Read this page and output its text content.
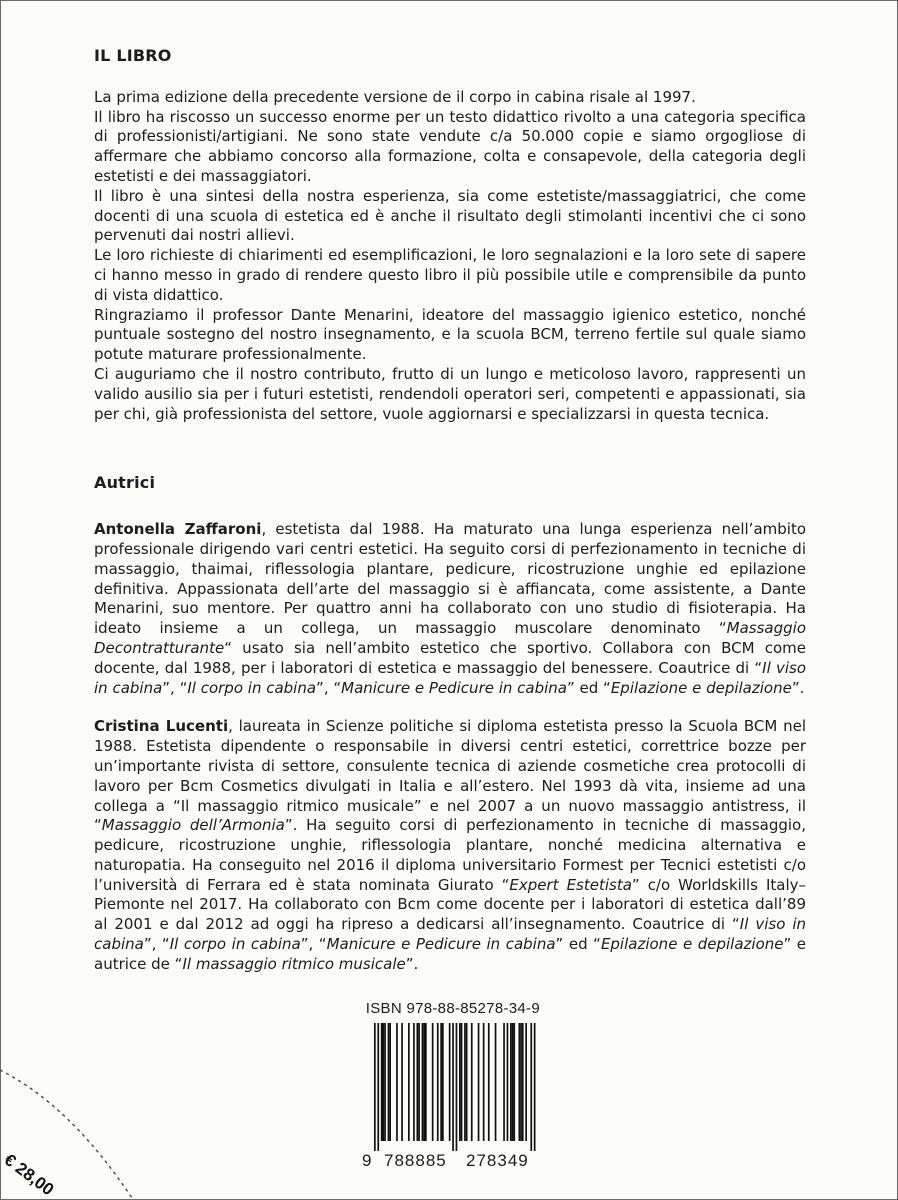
IL LIBRO

La prima edizione della precedente versione de il corpo in cabina risale al 1997.

Il libro ha riscosso un successo enorme per un testo didattico rivolto a una categoria specifica di professionisti/artigiani. Ne sono state vendute c/a 50.000 copie e siamo orgogliose di affermare che abbiamo concorso alla formazione, colta e consapevole, della categoria degli estetisti e dei massaggiatori.

Il libro è una sintesi della nostra esperienza, sia come estetiste/massaggiatrici, che come docenti di una scuola di estetica ed è anche il risultato degli stimolanti incentivi che ci sono pervenuti dai nostri allievi.

Le loro richieste di chiarimenti ed esemplificazioni, le loro segnalazioni e la loro sete di sapere ci hanno messo in grado di rendere questo libro il più possibile utile e comprensibile da punto di vista didattico.

Ringraziamo il professor Dante Menarini, ideatore del massaggio igienico estetico, nonché puntuale sostegno del nostro insegnamento, e la scuola BCM, terreno fertile sul quale siamo potute maturare professionalmente.

Ci auguriamo che il nostro contributo, frutto di un lungo e meticoloso lavoro, rappresenti un valido ausilio sia per i futuri estetisti, rendendoli operatori seri, competenti e appassionati, sia per chi, già professionista del settore, vuole aggiornarsi e specializzarsi in questa tecnica.

Autrici

Antonella Zaffaroni, estetista dal 1988. Ha maturato una lunga esperienza nell’ambito professionale dirigendo vari centri estetici. Ha seguito corsi di perfezionamento in tecniche di massaggio, thaimai, riflessologia plantare, pedicure, ricostruzione unghie ed epilazione definitiva. Appassionata dell’arte del massaggio si è affiancata, come assistente, a Dante Menarini, suo mentore. Per quattro anni ha collaborato con uno studio di fisioterapia. Ha ideato insieme a un collega, un massaggio muscolare denominato “Massaggio Decontratturante“ usato sia nell’ambito estetico che sportivo. Collabora con BCM come docente, dal 1988, per i laboratori di estetica e massaggio del benessere. Coautrice di “Il viso in cabina”, “Il corpo in cabina”, “Manicure e Pedicure in cabina” ed “Epilazione e depilazione”.

Cristina Lucenti, laureata in Scienze politiche si diploma estetista presso la Scuola BCM nel 1988. Estetista dipendente o responsabile in diversi centri estetici, correttrice bozze per un’importante rivista di settore, consulente tecnica di aziende cosmetiche crea protocolli di lavoro per Bcm Cosmetics divulgati in Italia e all’estero. Nel 1993 dà vita, insieme ad una collega a “Il massaggio ritmico musicale” e nel 2007 a un nuovo massaggio antistress, il “Massaggio dell’Armonia”. Ha seguito corsi di perfezionamento in tecniche di massaggio, pedicure, ricostruzione unghie, riflessologia plantare, nonché medicina alternativa e naturopatia. Ha conseguito nel 2016 il diploma universitario Formest per Tecnici estetisti c/o l’università di Ferrara ed è stata nominata Giurato “Expert Estetista” c/o Worldskills Italy–Piemonte nel 2017. Ha collaborato con Bcm come docente per i laboratori di estetica dall’89 al 2001 e dal 2012 ad oggi ha ripreso a dedicarsi all’insegnamento. Coautrice di “Il viso in cabina”, “Il corpo in cabina”, “Manicure e Pedicure in cabina” ed “Epilazione e depilazione” e autrice de “Il massaggio ritmico musicale”.

ISBN 978-88-85278-34-9
9 788885 278349
€ 28,00
